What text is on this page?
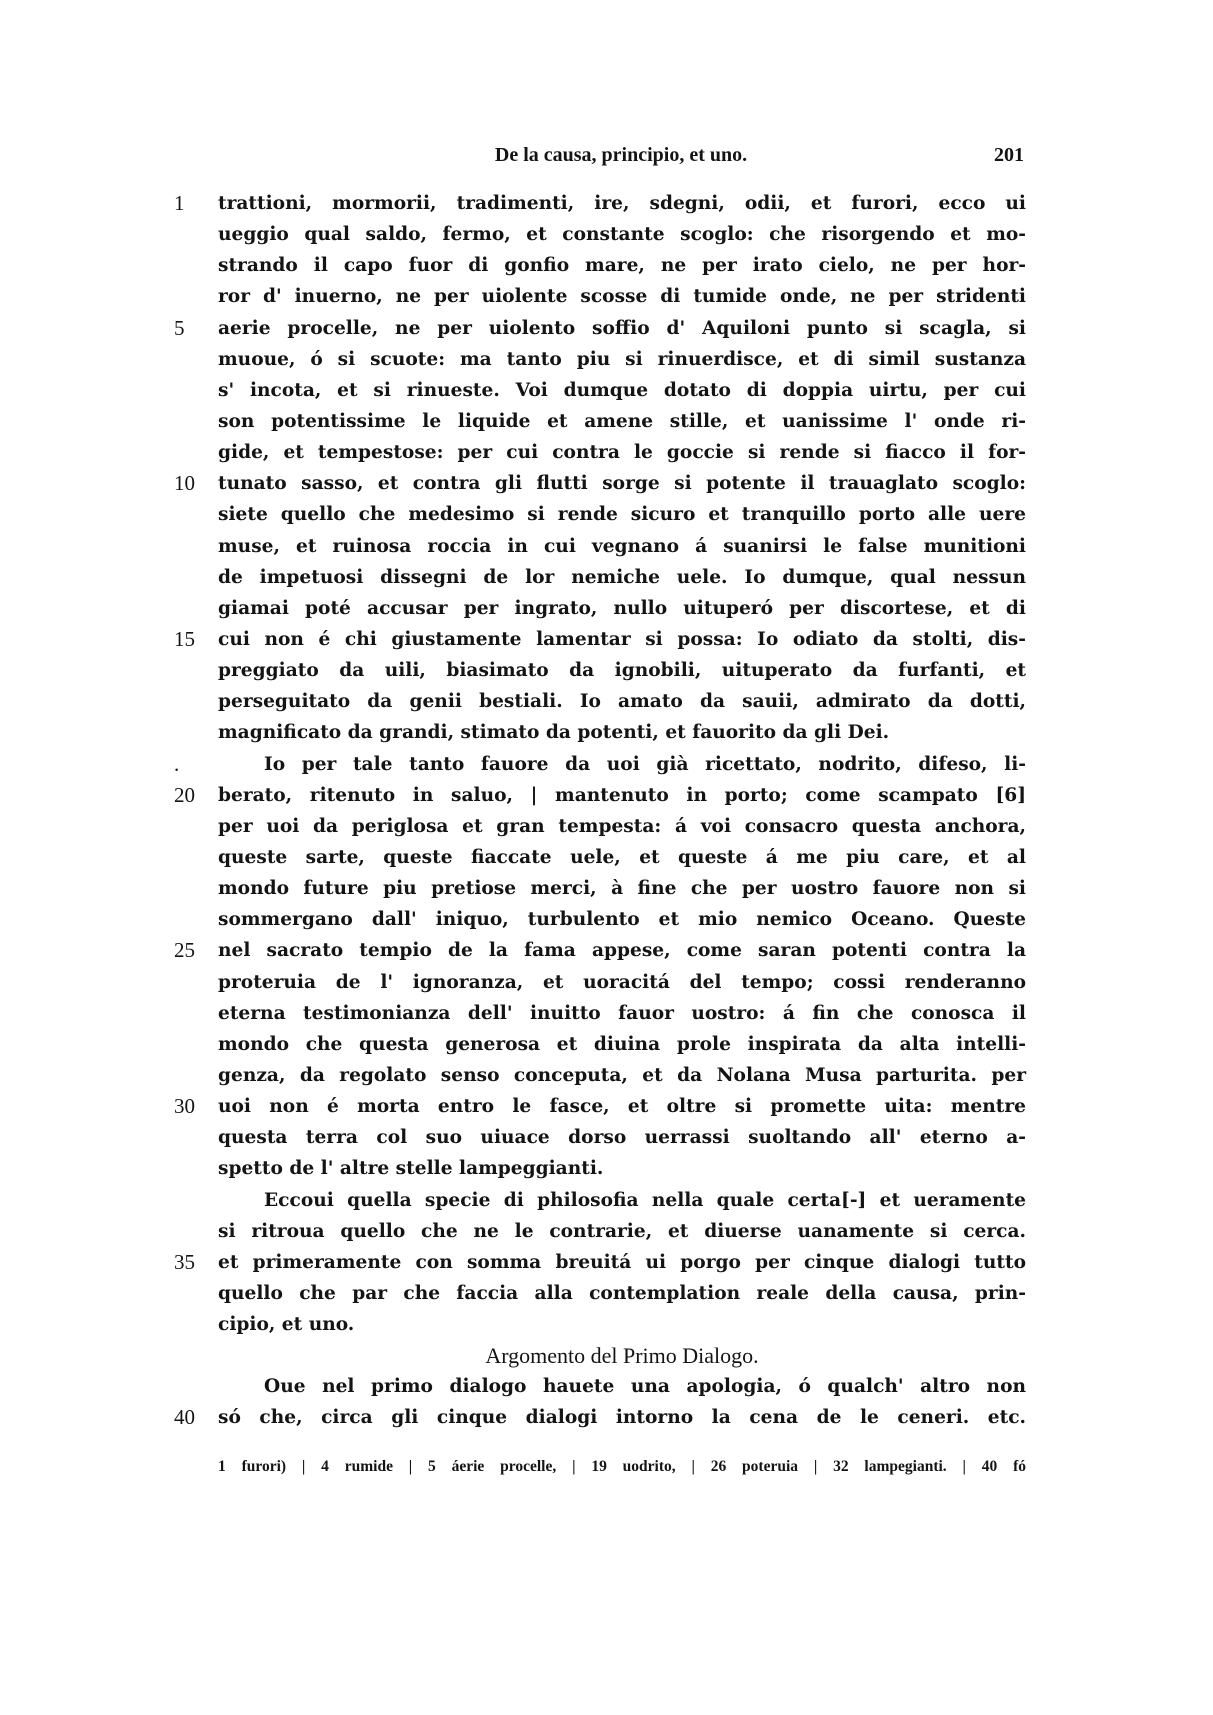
De la causa, principio, et uno.	201
1	trattioni, mormorii, tradimenti, ire, sdegni, odii, et furori, ecco ui
ueggio qual saldo, fermo, et constante scoglo: che risorgendo et mo-
strando il capo fuor di gonfio mare, ne per irato cielo, ne per hor-
ror d' inuerno, ne per uiolente scosse di tumide onde, ne per stridenti
5	aerie procelle, ne per uiolento soffio d' Aquiloni punto si scagla, si
muoue, ó si scuote: ma tanto piu si rinuerdisce, et di simil sustanza
s' incota, et si rinueste. Voi dumque dotato di doppia uirtu, per cui
son potentissime le liquide et amene stille, et uanissime l' onde ri-
gide, et tempestose: per cui contra le goccie si rende si fiacco il for-
10	tunato sasso, et contra gli flutti sorge si potente il trauaglato scoglo:
siete quello che medesimo si rende sicuro et tranquillo porto alle uere
muse, et ruinosa roccia in cui vegnano á suanirsi le false munitioni
de impetuosi dissegni de lor nemiche uele. Io dumque, qual nessun
giamai poté accusar per ingrato, nullo uituperó per discortese, et di
15	cui non é chi giustamente lamentar si possa: Io odiato da stolti, dis-
preggiato da uili, biasimato da ignobili, uituperato da furfanti, et
perseguitato da genii bestiali. Io amato da sauii, admirato da dotti,
magnificato da grandi, stimato da potenti, et fauorito da gli Dei.
.	Io per tale tanto fauore da uoi già ricettato, nodrito, difeso, li-
20	berato, ritenuto in saluo, | mantenuto in porto; come scampato [6]
per uoi da periglosa et gran tempesta: á voi consacro questa anchora,
queste sarte, queste fiaccate uele, et queste á me piu care, et al
mondo future piu pretiose merci, à fine che per uostro fauore non si
sommergano dall' iniquo, turbulento et mio nemico Oceano. Queste
25	nel sacrato tempio de la fama appese, come saran potenti contra la
proteruia de l' ignoranza, et uoracitá del tempo; cossi renderanno
eterna testimonianza dell' inuitto fauor uostro: á fin che conosca il
mondo che questa generosa et diuina prole inspirata da alta intelli-
genza, da regolato senso conceputa, et da Nolana Musa parturita. per
30	uoi non é morta entro le fasce, et oltre si promette uita: mentre
questa terra col suo uiuace dorso uerrassi suoltando all' eterno a-
spetto de l' altre stelle lampeggianti.
Eccoui quella specie di philosofia nella quale certa[-] et ueramente
si ritroua quello che ne le contrarie, et diuerse uanamente si cerca.
35	et primeramente con somma breuitá ui porgo per cinque dialogi tutto
quello che par che faccia alla contemplation reale della causa, prin-
cipio, et uno.
Argomento del Primo Dialogo.
Oue nel primo dialogo hauete una apologia, ó qualch' altro non
40	só che, circa gli cinque dialogi intorno la cena de le ceneri. etc.
1 furori) | 4 rumide | 5 áerie procelle, | 19 uodrito, | 26 poteruia | 32 lampegianti. | 40 fó
